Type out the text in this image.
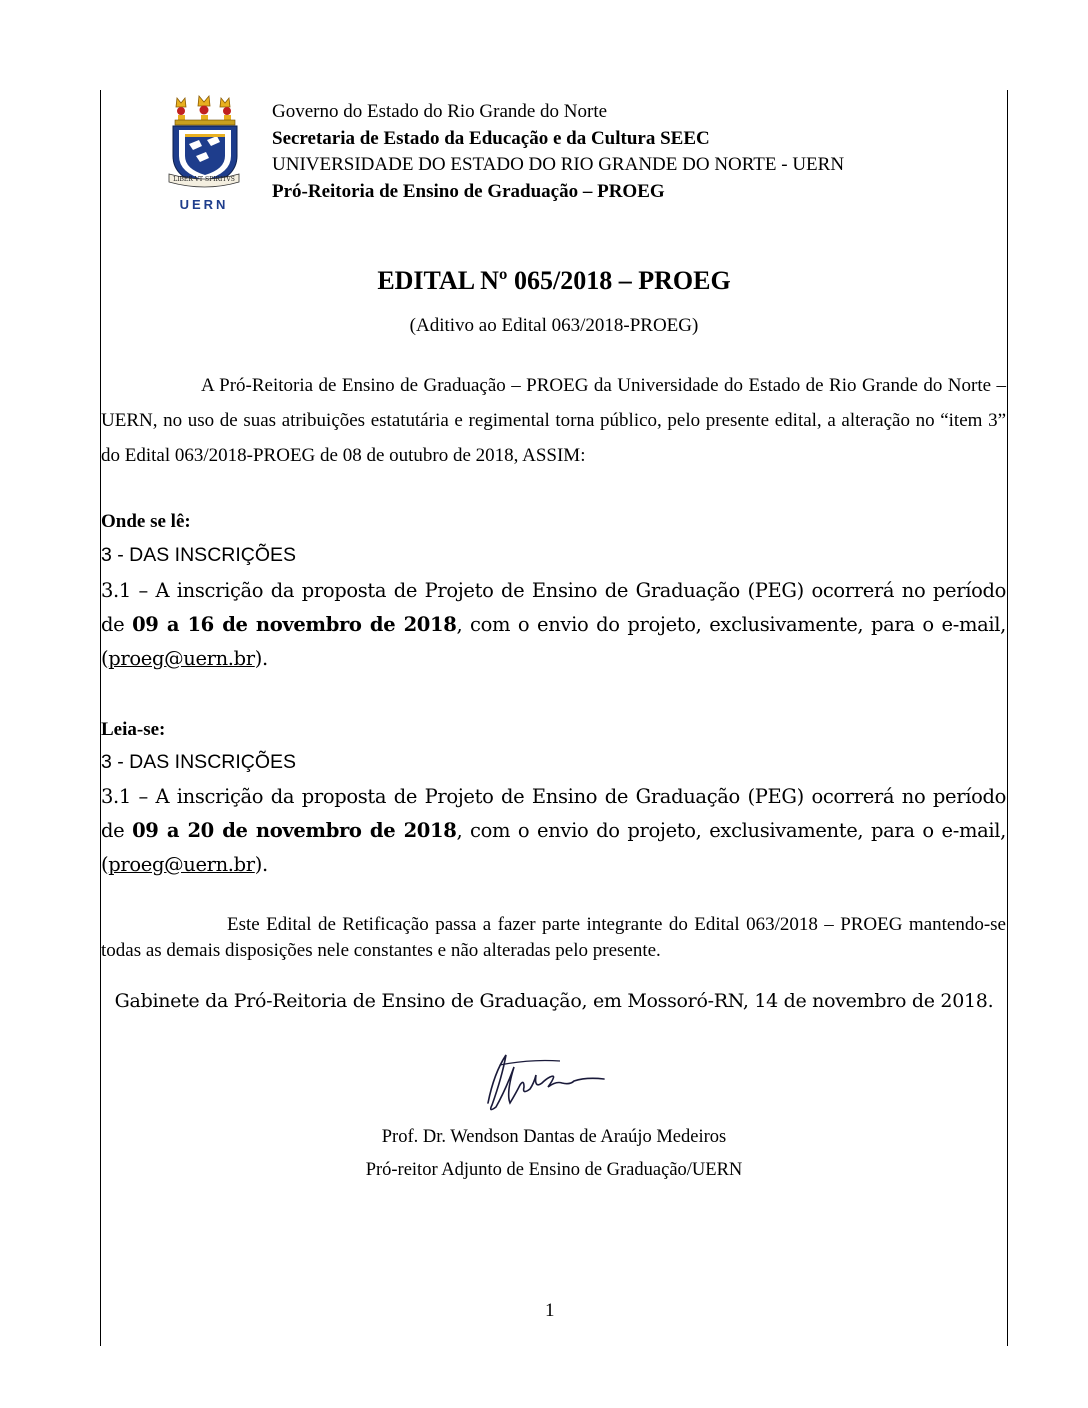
LIBER VT SPIRITVS
UERN
Governo do Estado do Rio Grande do Norte
Secretaria de Estado da Educação e da Cultura SEEC
UNIVERSIDADE DO ESTADO DO RIO GRANDE DO NORTE - UERN
Pró-Reitoria de Ensino de Graduação – PROEG
EDITAL Nº 065/2018 – PROEG
(Aditivo ao Edital 063/2018-PROEG)
A Pró-Reitoria de Ensino de Graduação – PROEG da Universidade do Estado de Rio Grande do Norte – UERN, no uso de suas atribuições estatutária e regimental torna público, pelo presente edital, a alteração no “item 3” do Edital 063/2018-PROEG de 08 de outubro de 2018, ASSIM:
Onde se lê:
3 - DAS INSCRIÇÕES
3.1 – A inscrição da proposta de Projeto de Ensino de Graduação (PEG) ocorrerá no período de 09 a 16 de novembro de 2018, com o envio do projeto, exclusivamente, para o e-mail, (proeg@uern.br).
Leia-se:
3 - DAS INSCRIÇÕES
3.1 – A inscrição da proposta de Projeto de Ensino de Graduação (PEG) ocorrerá no período de 09 a 20 de novembro de 2018, com o envio do projeto, exclusivamente, para o e-mail, (proeg@uern.br).
Este Edital de Retificação passa a fazer parte integrante do Edital 063/2018 – PROEG mantendo-se todas as demais disposições nele constantes e não alteradas pelo presente.
Gabinete da Pró-Reitoria de Ensino de Graduação, em Mossoró-RN, 14 de novembro de 2018.
Prof. Dr. Wendson Dantas de Araújo Medeiros
Pró-reitor Adjunto de Ensino de Graduação/UERN
1
